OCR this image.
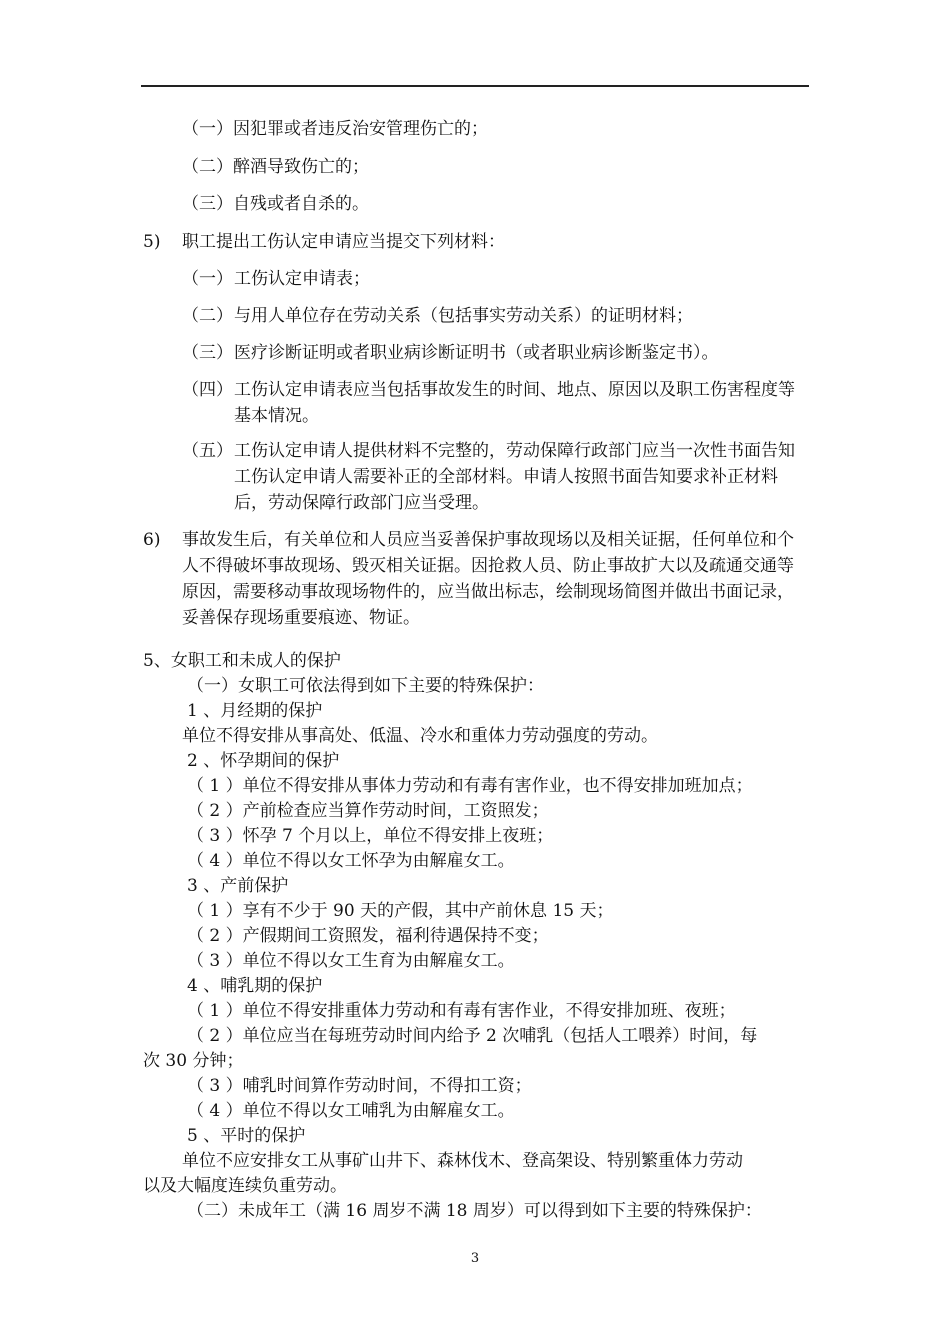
（一）因犯罪或者违反治安管理伤亡的；
（二）醉酒导致伤亡的；
（三）自残或者自杀的。
5) 职工提出工伤认定申请应当提交下列材料：
（一） 工伤认定申请表；
（二） 与用人单位存在劳动关系（包括事实劳动关系）的证明材料；
（三） 医疗诊断证明或者职业病诊断证明书（或者职业病诊断鉴定书）。
（四） 工伤认定申请表应当包括事故发生的时间、地点、原因以及职工伤害程度等基本情况。
（五） 工伤认定申请人提供材料不完整的，劳动保障行政部门应当一次性书面告知工伤认定申请人需要补正的全部材料。申请人按照书面告知要求补正材料后，劳动保障行政部门应当受理。
6) 事故发生后，有关单位和人员应当妥善保护事故现场以及相关证据，任何单位和个人不得破坏事故现场、毁灭相关证据。因抢救人员、防止事故扩大以及疏通交通等原因，需要移动事故现场物件的，应当做出标志，绘制现场简图并做出书面记录，妥善保存现场重要痕迹、物证。
5、女职工和未成人的保护
（一）女职工可依法得到如下主要的特殊保护：
1 、月经期的保护
单位不得安排从事高处、低温、冷水和重体力劳动强度的劳动。
2 、怀孕期间的保护
（ 1 ）单位不得安排从事体力劳动和有毒有害作业，也不得安排加班加点；
（ 2 ）产前检查应当算作劳动时间，工资照发；
（ 3 ）怀孕 7 个月以上，单位不得安排上夜班；
（ 4 ）单位不得以女工怀孕为由解雇女工。
3 、产前保护
（ 1 ）享有不少于 90 天的产假，其中产前休息 15 天；
（ 2 ）产假期间工资照发，福利待遇保持不变；
（ 3 ）单位不得以女工生育为由解雇女工。
4 、哺乳期的保护
（ 1 ）单位不得安排重体力劳动和有毒有害作业，不得安排加班、夜班；
（ 2 ）单位应当在每班劳动时间内给予 2 次哺乳（包括人工喂养）时间，每
次 30 分钟；
（ 3 ）哺乳时间算作劳动时间，不得扣工资；
（ 4 ）单位不得以女工哺乳为由解雇女工。
5 、平时的保护
单位不应安排女工从事矿山井下、森林伐木、登高架设、特别繁重体力劳动
以及大幅度连续负重劳动。
（二）未成年工（满 16 周岁不满 18 周岁）可以得到如下主要的特殊保护：
3
